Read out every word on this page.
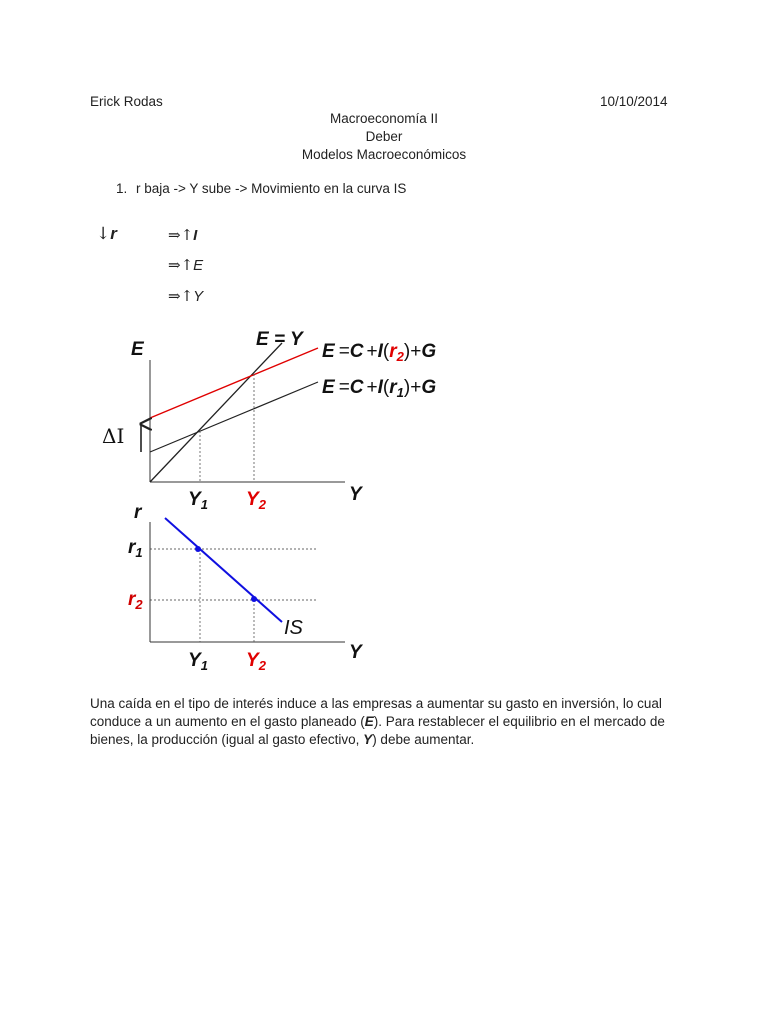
Erick Rodas	10/10/2014
Macroeconomía II
Deber
Modelos Macroeconómicos
1. r baja -> Y sube -> Movimiento en la curva IS
↓r	⇒↑I
⇒↑E
⇒↑Y
E
Y
E = Y
$E =C +I(r_2)+G$
$E =C +I(r_1)+G$
ΔI
$Y_1$ $Y_2$
r
Y
IS
$r_1$
$r_2$
$Y_1$ $Y_2$
Una caída en el tipo de interés induce a las empresas a aumentar su gasto en inversión, lo cual conduce a un aumento en el gasto planeado (E). Para restablecer el equilibrio en el mercado de bienes, la producción (igual al gasto efectivo, Y) debe aumentar.
